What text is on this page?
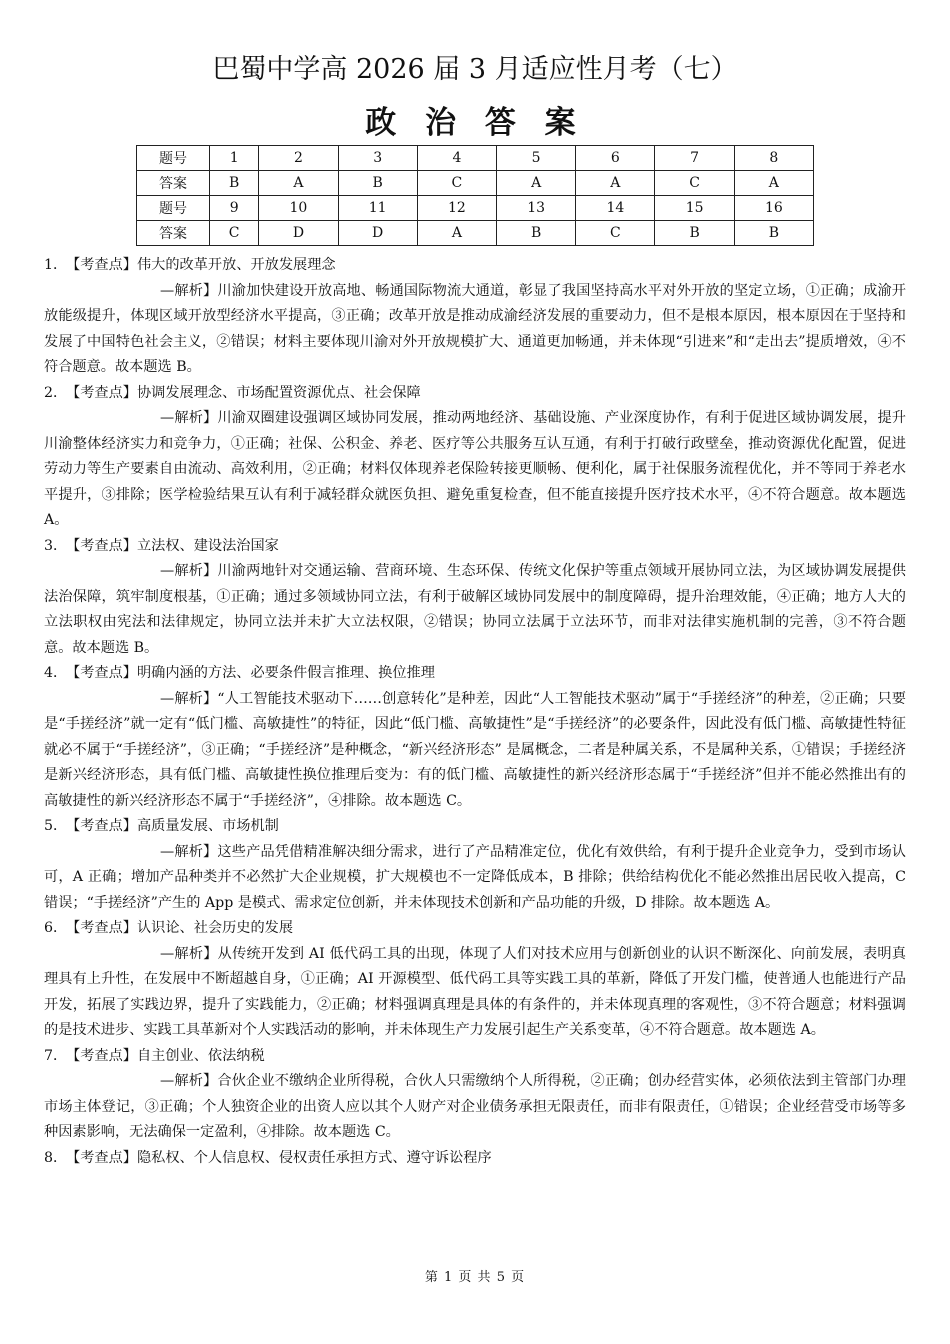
巴蜀中学高 2026 届 3 月适应性月考（七）
政 治 答 案
题号	1	2	3	4	5	6	7	8
答案	B	A	B	C	A	A	C	A
题号	9	10	11	12	13	14	15	16
答案	C	D	D	A	B	C	B	B
1．【考查点】伟大的改革开放、开放发展理念
—解析】川渝加快建设开放高地、畅通国际物流大通道，彰显了我国坚持高水平对外开放的坚定立场，①正确；成渝开放能级提升，体现区域开放型经济水平提高，③正确；改革开放是推动成渝经济发展的重要动力，但不是根本原因，根本原因在于坚持和发展了中国特色社会主义，②错误；材料主要体现川渝对外开放规模扩大、通道更加畅通，并未体现“引进来”和“走出去”提质增效，④不符合题意。故本题选 B。
2．【考查点】协调发展理念、市场配置资源优点、社会保障
—解析】川渝双圈建设强调区域协同发展，推动两地经济、基础设施、产业深度协作，有利于促进区域协调发展，提升川渝整体经济实力和竞争力，①正确；社保、公积金、养老、医疗等公共服务互认互通，有利于打破行政壁垒，推动资源优化配置，促进劳动力等生产要素自由流动、高效利用，②正确；材料仅体现养老保险转接更顺畅、便利化，属于社保服务流程优化，并不等同于养老水平提升，③排除；医学检验结果互认有利于减轻群众就医负担、避免重复检查，但不能直接提升医疗技术水平，④不符合题意。故本题选 A。
3．【考查点】立法权、建设法治国家
—解析】川渝两地针对交通运输、营商环境、生态环保、传统文化保护等重点领域开展协同立法，为区域协调发展提供法治保障，筑牢制度根基，①正确；通过多领域协同立法，有利于破解区域协同发展中的制度障碍，提升治理效能，④正确；地方人大的立法职权由宪法和法律规定，协同立法并未扩大立法权限，②错误；协同立法属于立法环节，而非对法律实施机制的完善，③不符合题意。故本题选 B。
4．【考查点】明确内涵的方法、必要条件假言推理、换位推理
—解析】“人工智能技术驱动下……创意转化”是种差，因此“人工智能技术驱动”属于“手搓经济”的种差，②正确；只要是“手搓经济”就一定有“低门槛、高敏捷性”的特征，因此“低门槛、高敏捷性”是“手搓经济”的必要条件，因此没有低门槛、高敏捷性特征就必不属于“手搓经济”，③正确；“手搓经济”是种概念，“新兴经济形态” 是属概念，二者是种属关系，不是属种关系，①错误；手搓经济是新兴经济形态，具有低门槛、高敏捷性换位推理后变为：有的低门槛、高敏捷性的新兴经济形态属于“手搓经济”但并不能必然推出有的高敏捷性的新兴经济形态不属于“手搓经济”，④排除。故本题选 C。
5．【考查点】高质量发展、市场机制
—解析】这些产品凭借精准解决细分需求，进行了产品精准定位，优化有效供给，有利于提升企业竞争力，受到市场认可，A 正确；增加产品种类并不必然扩大企业规模，扩大规模也不一定降低成本，B 排除；供给结构优化不能必然推出居民收入提高，C 错误；“手搓经济”产生的 App 是模式、需求定位创新，并未体现技术创新和产品功能的升级，D 排除。故本题选 A。
6．【考查点】认识论、社会历史的发展
—解析】从传统开发到 AI 低代码工具的出现，体现了人们对技术应用与创新创业的认识不断深化、向前发展，表明真理具有上升性，在发展中不断超越自身，①正确；AI 开源模型、低代码工具等实践工具的革新，降低了开发门槛，使普通人也能进行产品开发，拓展了实践边界，提升了实践能力，②正确；材料强调真理是具体的有条件的，并未体现真理的客观性，③不符合题意；材料强调的是技术进步、实践工具革新对个人实践活动的影响，并未体现生产力发展引起生产关系变革，④不符合题意。故本题选 A。
7．【考查点】自主创业、依法纳税
—解析】合伙企业不缴纳企业所得税，合伙人只需缴纳个人所得税，②正确；创办经营实体，必须依法到主管部门办理市场主体登记，③正确；个人独资企业的出资人应以其个人财产对企业债务承担无限责任，而非有限责任，①错误；企业经营受市场等多种因素影响，无法确保一定盈利，④排除。故本题选 C。
8．【考查点】隐私权、个人信息权、侵权责任承担方式、遵守诉讼程序
第 1 页 共 5 页
